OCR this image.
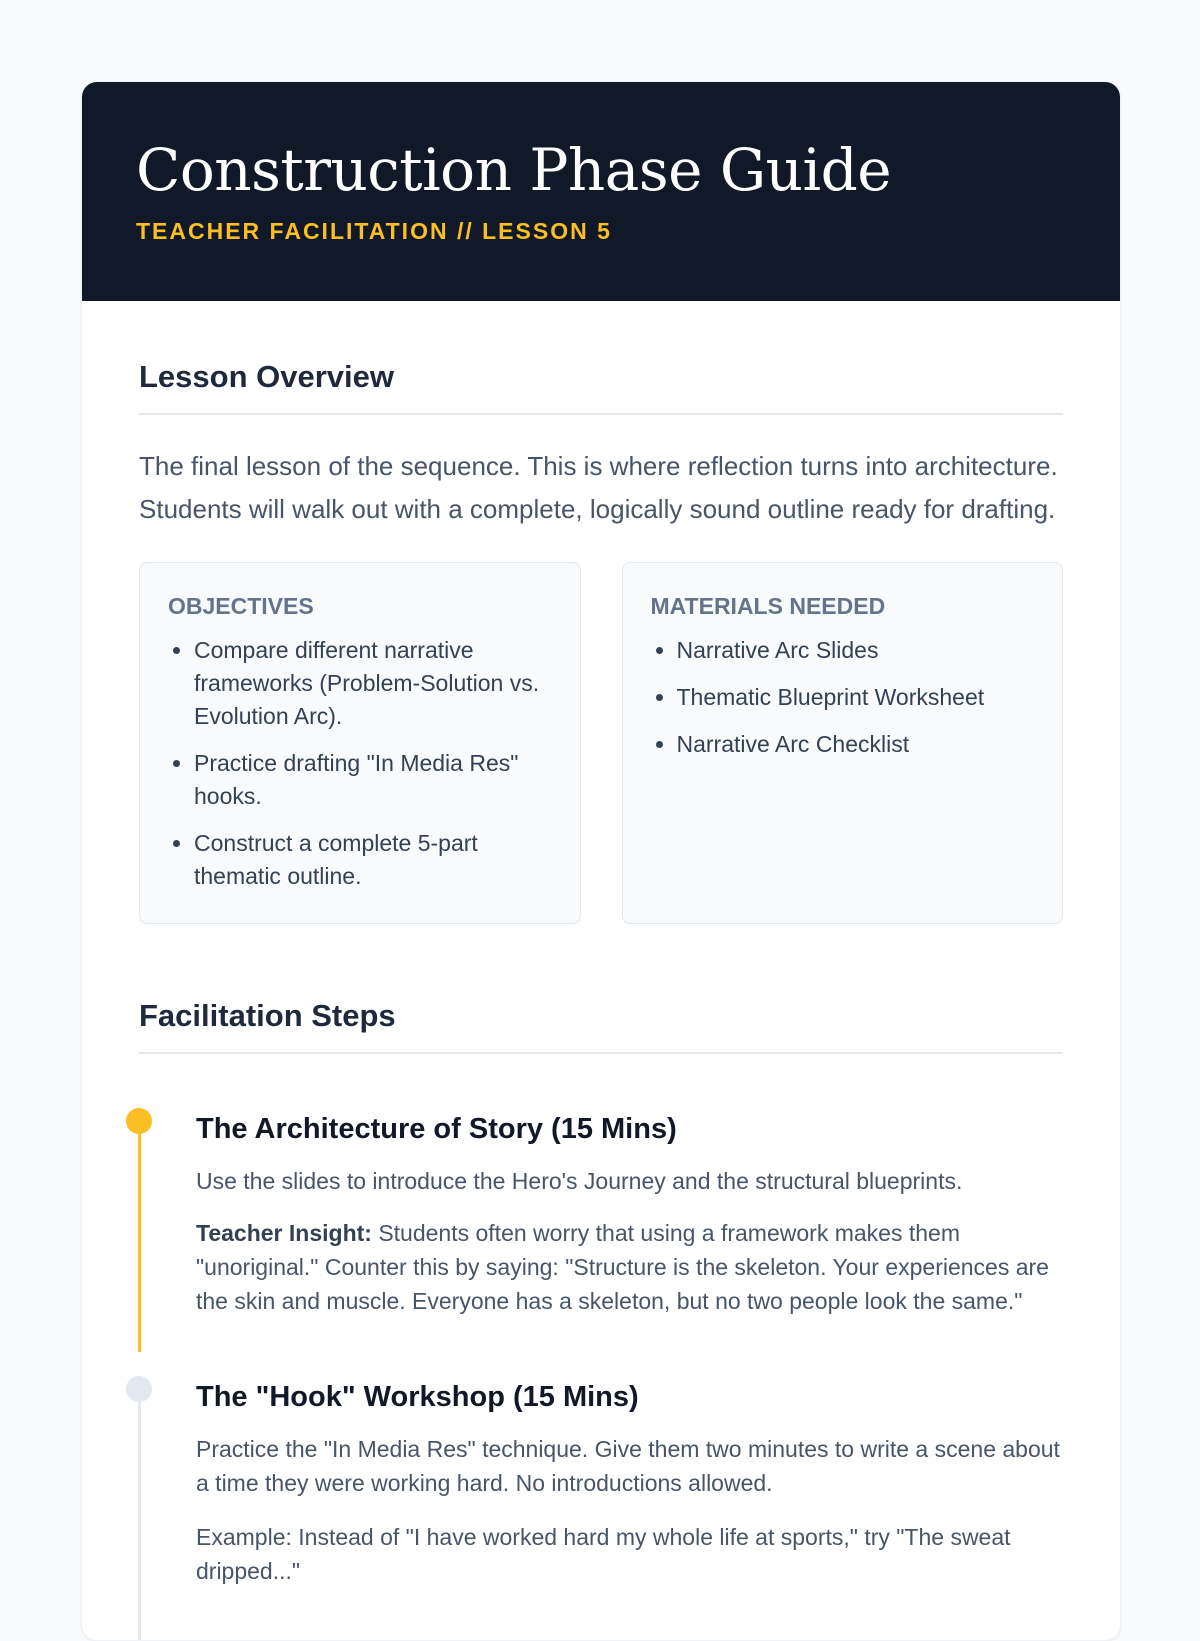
Construction Phase Guide
TEACHER FACILITATION // LESSON 5
Lesson Overview

The final lesson of the sequence. This is where reflection turns into architecture. Students will walk out with a complete, logically sound outline ready for drafting.

OBJECTIVES
• Compare different narrative frameworks (Problem-Solution vs. Evolution Arc).
• Practice drafting "In Media Res" hooks.
• Construct a complete 5-part thematic outline.
MATERIALS NEEDED
• Narrative Arc Slides
• Thematic Blueprint Worksheet
• Narrative Arc Checklist
Facilitation Steps
The Architecture of Story (15 Mins)

Use the slides to introduce the Hero's Journey and the structural blueprints.

Teacher Insight: Students often worry that using a framework makes them "unoriginal." Counter this by saying: "Structure is the skeleton. Your experiences are the skin and muscle. Everyone has a skeleton, but no two people look the same."

The "Hook" Workshop (15 Mins)

Practice the "In Media Res" technique. Give them two minutes to write a scene about a time they were working hard. No introductions allowed.

Example: Instead of "I have worked hard my whole life at sports," try "The sweat dripped..."
